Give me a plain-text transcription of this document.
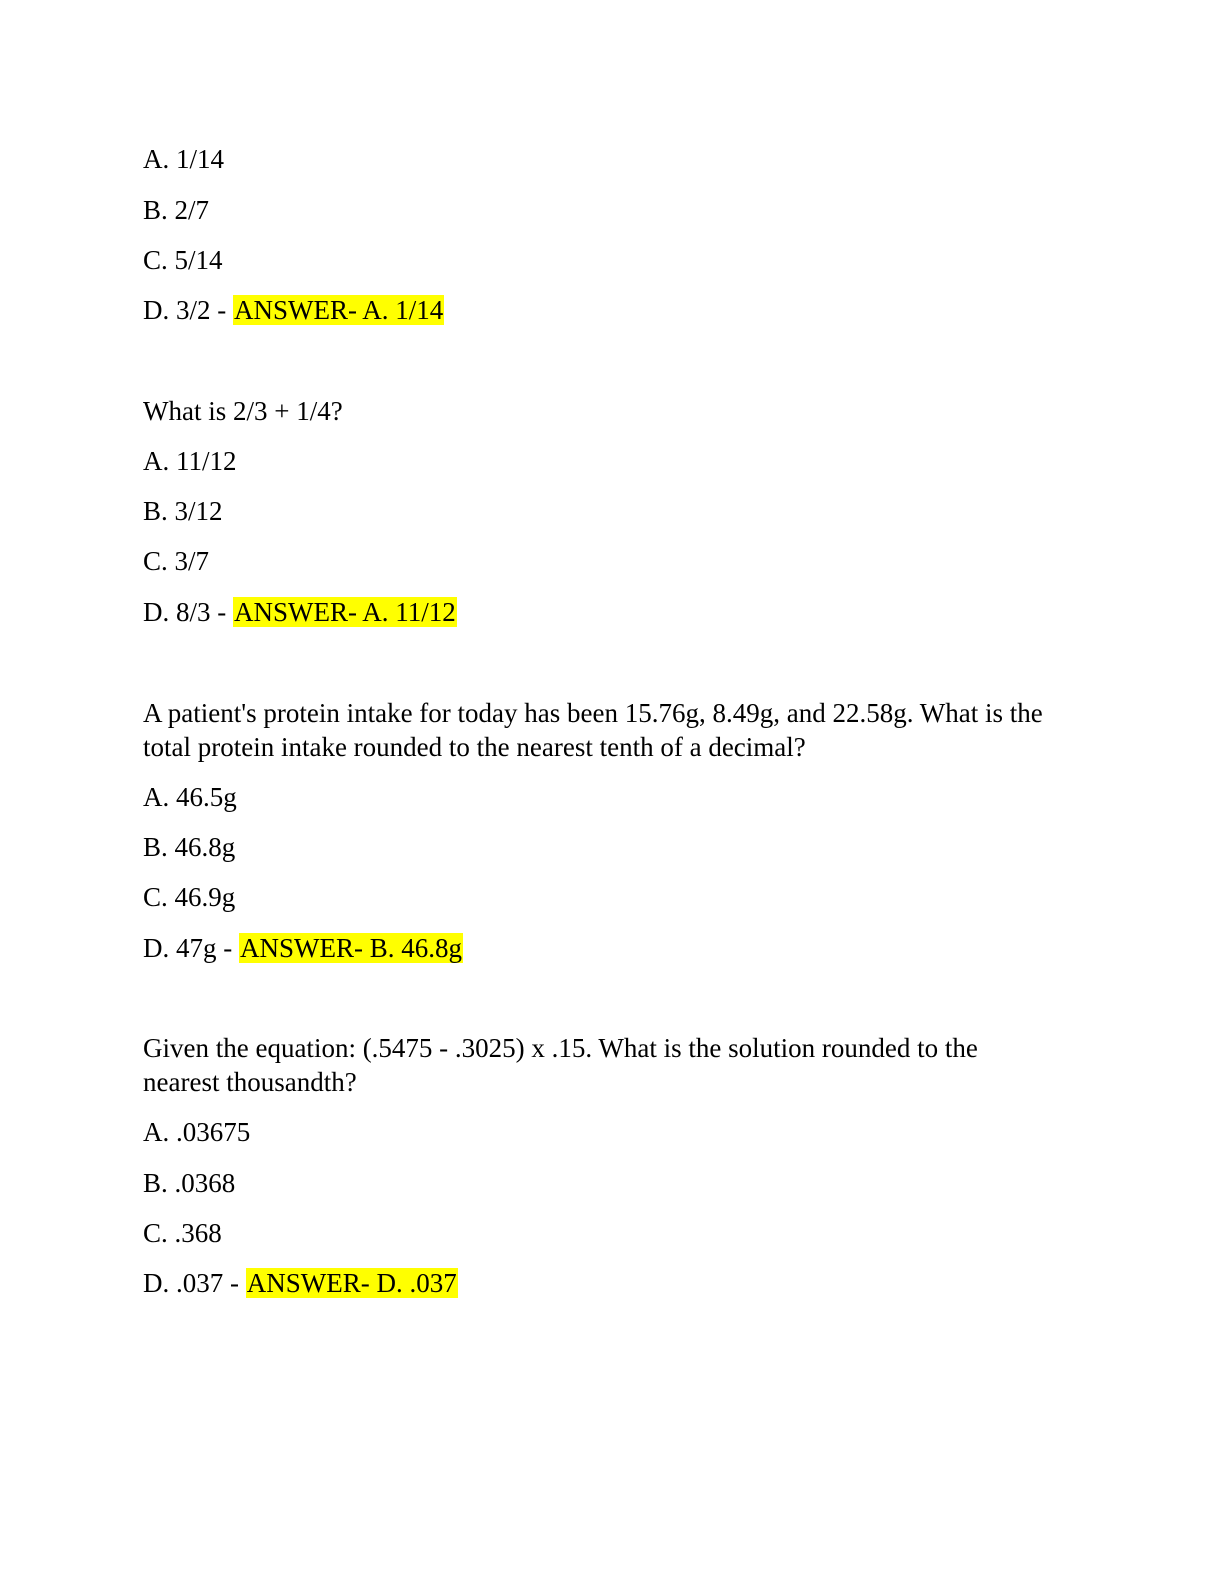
A. 1/14
B. 2/7
C. 5/14
D. 3/2 - ANSWER- A. 1/14
What is 2/3 + 1/4?
A. 11/12
B. 3/12
C. 3/7
D. 8/3 - ANSWER- A. 11/12
A patient's protein intake for today has been 15.76g, 8.49g, and 22.58g. What is the
total protein intake rounded to the nearest tenth of a decimal?
A. 46.5g
B. 46.8g
C. 46.9g
D. 47g - ANSWER- B. 46.8g
Given the equation: (.5475 - .3025) x .15. What is the solution rounded to the
nearest thousandth?
A. .03675
B. .0368
C. .368
D. .037 - ANSWER- D. .037
